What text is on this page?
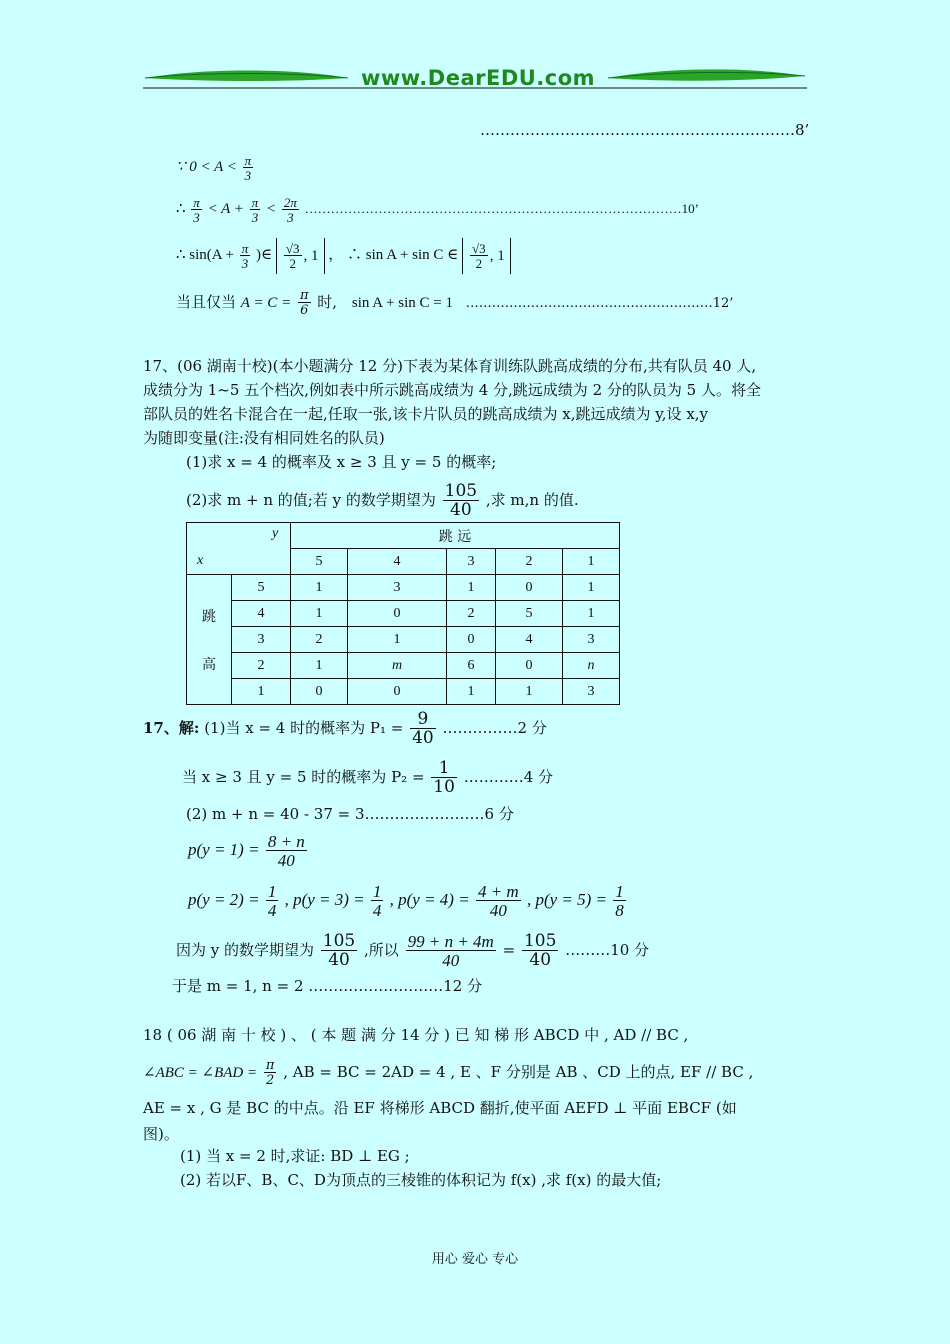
www.DearEDU.com
………………………………………………………8’
∵ $0 < A < \frac{\pi}{3}$
∴ $\frac{\pi}{3} < A + \frac{\pi}{3} < \frac{2\pi}{3}$ ……………………………………………………………………………10’
∴ $\sin(A + \frac{\pi}{3}$ )∈ $\frac{√3}{2}$ , 1 ， ∴ sin A + sin C ∈ $\frac{√3}{2}$ , 1
当且仅当 $A = C = \frac{\pi}{6}$ 时, sin A + sin C = 1 …………………………………………………12’
17、(06 湖南十校)(本小题满分 12 分)下表为某体育训练队跳高成绩的分布,共有队员 40 人,
成绩分为 1~5 五个档次,例如表中所示跳高成绩为 4 分,跳远成绩为 2 分的队员为 5 人。将全
部队员的姓名卡混合在一起,任取一张,该卡片队员的跳高成绩为 x,跳远成绩为 y,设 x,y
为随即变量(注:没有相同姓名的队员)
(1)求 x = 4 的概率及 x ≥ 3 且 y = 5 的概率;
(2)求 m + n 的值;若 y 的数学期望为 $\frac{105}{40}$ ,求 m,n 的值.
y
x		跳 远				
		5	4	3	2	1

跳
高	5	1	3	1	0	1
	4	1	0	2	5	1
	3	2	1	0	4	3
	2	1	m	6	0	n
	1	0	0	1	1	3
17、解: (1)当 x = 4 时的概率为 $P_1 = \frac{9}{40}$ ……………2 分
当 x ≥ 3 且 y = 5 时的概率为 $P_2 = \frac{1}{10}$ …………4 分
(2) m + n = 40 - 37 = 3……………………6 分
$p(y = 1) = \frac{8 + n}{40}$
$p(y = 2) = \frac{1}{4}$ , $p(y = 3) = \frac{1}{4}$ , $p(y = 4) = \frac{4 + m}{40}$ , $p(y = 5) = \frac{1}{8}$
因为 y 的数学期望为 $\frac{105}{40}$ ,所以 $\frac{99 + n + 4m}{40} = \frac{105}{40}$ ………10 分
于是 m = 1, n = 2 ………………………12 分
18 ( 06 湖 南 十 校 ) 、 ( 本 题 满 分 14 分 ) 已 知 梯 形 ABCD 中 , AD // BC ,
∠ABC = ∠BAD = $\frac{\pi}{2}$ , AB = BC = 2AD = 4 , E 、F 分别是 AB 、CD 上的点, EF // BC ,
AE = x , G 是 BC 的中点。沿 EF 将梯形 ABCD 翻折,使平面 AEFD ⊥ 平面 EBCF (如
图)。
(1) 当 x = 2 时,求证: BD ⊥ EG ;
(2) 若以F、B、C、D为顶点的三棱锥的体积记为 f(x) ,求 f(x) 的最大值;
用心 爱心 专心
